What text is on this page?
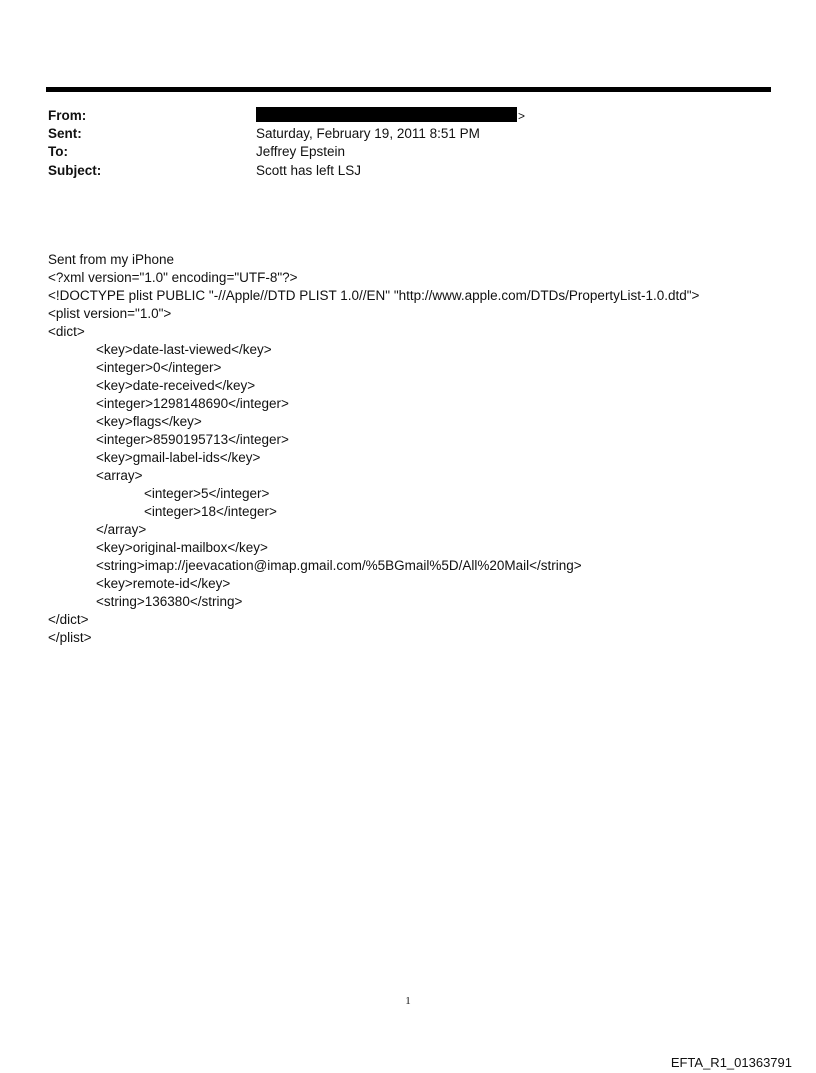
From:	>
Sent:	Saturday, February 19, 2011 8:51 PM
To:	Jeffrey Epstein
Subject:	Scott has left LSJ
Sent from my iPhone
<?xml version="1.0" encoding="UTF-8"?>
<!DOCTYPE plist PUBLIC "-//Apple//DTD PLIST 1.0//EN" "http://www.apple.com/DTDs/PropertyList-1.0.dtd">
<plist version="1.0">
<dict>
<key>date-last-viewed</key>
<integer>0</integer>
<key>date-received</key>
<integer>1298148690</integer>
<key>flags</key>
<integer>8590195713</integer>
<key>gmail-label-ids</key>
<array>
<integer>5</integer>
<integer>18</integer>
</array>
<key>original-mailbox</key>
<string>imap://jeevacation@imap.gmail.com/%5BGmail%5D/All%20Mail</string>
<key>remote-id</key>
<string>136380</string>
</dict>
</plist>
1
EFTA_R1_01363791
